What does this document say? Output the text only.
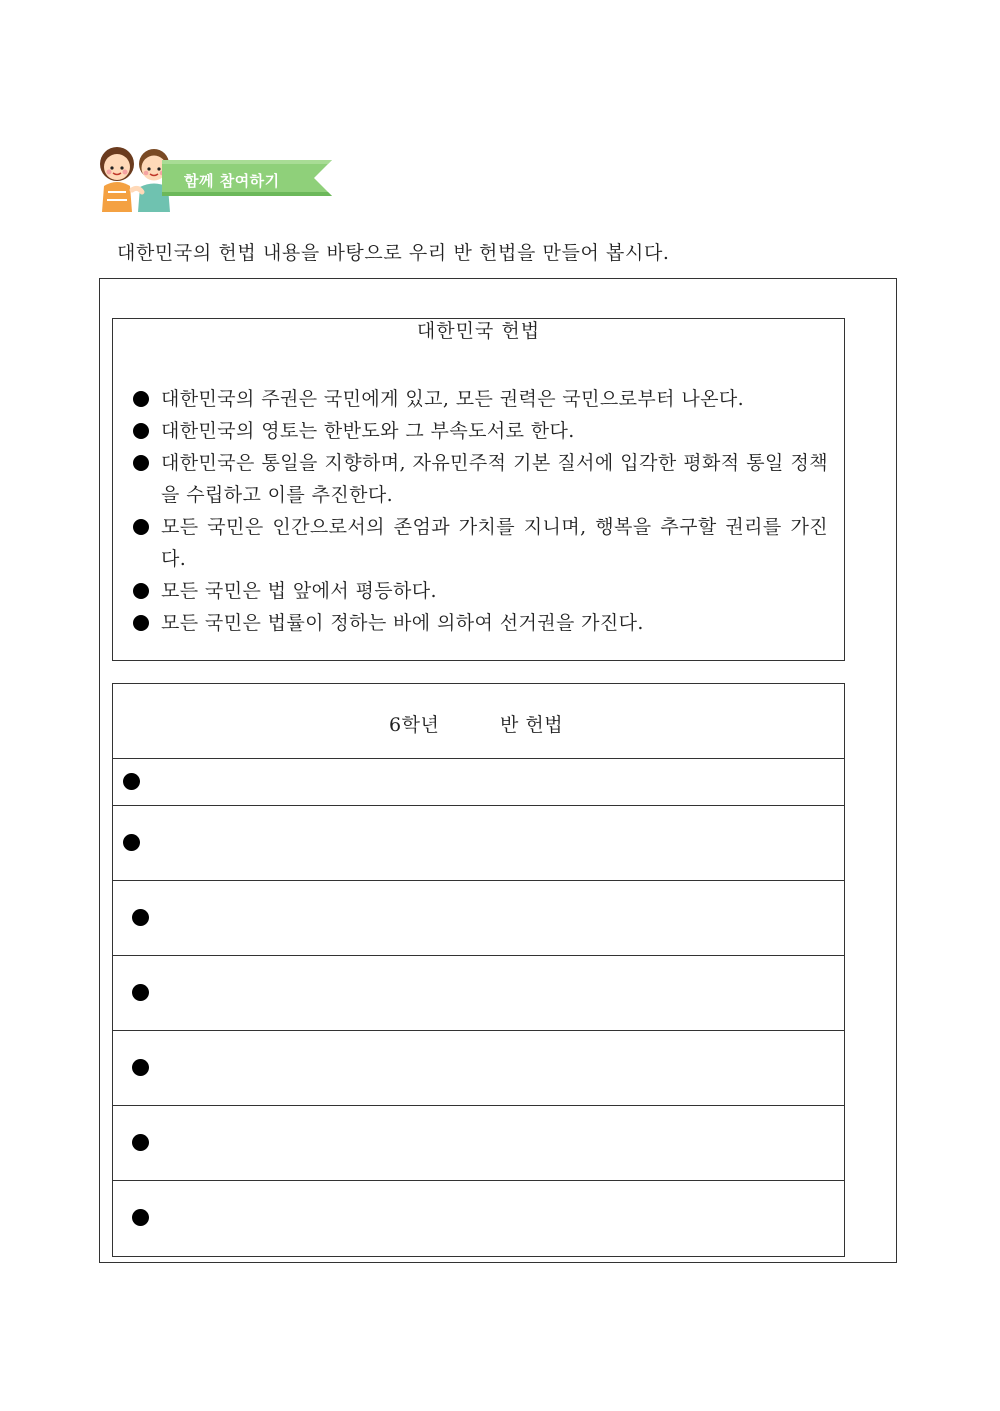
함께 참여하기
대한민국의 헌법 내용을 바탕으로 우리 반 헌법을 만들어 봅시다.
대한민국 헌법
대한민국의 주권은 국민에게 있고, 모든 권력은 국민으로부터 나온다.
대한민국의 영토는 한반도와 그 부속도서로 한다.
대한민국은 통일을 지향하며, 자유민주적 기본 질서에 입각한 평화적 통일 정책을 수립하고 이를 추진한다.
모든 국민은 인간으로서의 존엄과 가치를 지니며, 행복을 추구할 권리를 가진다.
모든 국민은 법 앞에서 평등하다.
모든 국민은 법률이 정하는 바에 의하여 선거권을 가진다.
6학년	반 헌법
